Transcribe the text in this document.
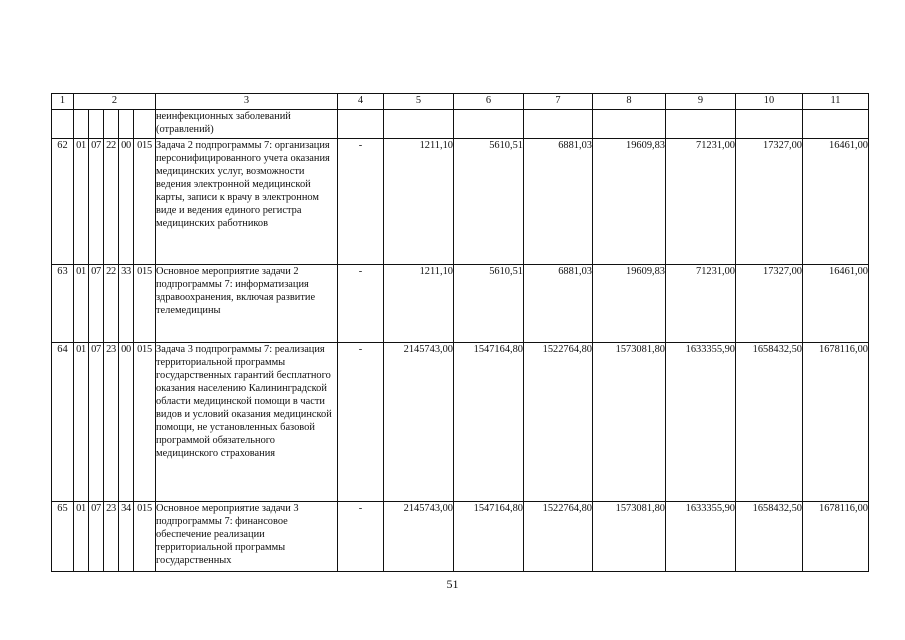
1	2					3	4	5	6	7	8	9	10	11
						неинфекционных заболеваний (отравлений)								
62	01	07	22	00	015	Задача 2 подпрограммы 7: организация персонифицированного учета оказания медицинских услуг, возможности ведения электронной медицинской карты, записи к врачу в электронном виде и ведения единого регистра медицинских работников	-	1211,10	5610,51	6881,03	19609,83	71231,00	17327,00	16461,00
63	01	07	22	33	015	Основное мероприятие задачи 2 подпрограммы 7: информатизация здравоохранения, включая развитие телемедицины	-	1211,10	5610,51	6881,03	19609,83	71231,00	17327,00	16461,00
64	01	07	23	00	015	Задача 3 подпрограммы 7: реализация территориальной программы государственных гарантий бесплатного оказания населению Калининградской области медицинской помощи в части видов и условий оказания медицинской помощи, не установленных базовой программой обязательного медицинского страхования	-	2145743,00	1547164,80	1522764,80	1573081,80	1633355,90	1658432,50	1678116,00
65	01	07	23	34	015	Основное мероприятие задачи 3 подпрограммы 7: финансовое обеспечение реализации территориальной программы государственных	-	2145743,00	1547164,80	1522764,80	1573081,80	1633355,90	1658432,50	1678116,00
51
